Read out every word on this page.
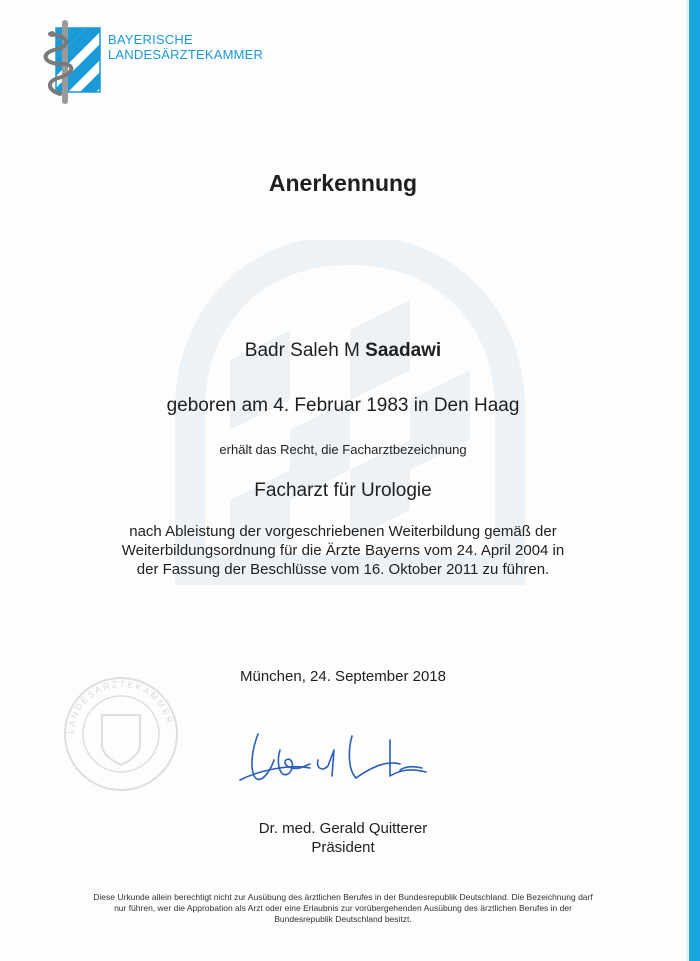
BAYERISCHE
LANDESÄRZTEKAMMER
Anerkennung
Badr Saleh M Saadawi
geboren am 4. Februar 1983 in Den Haag
erhält das Recht, die Facharztbezeichnung
Facharzt für Urologie
nach Ableistung der vorgeschriebenen Weiterbildung gemäß der
Weiterbildungsordnung für die Ärzte Bayerns vom 24. April 2004 in
der Fassung der Beschlüsse vom 16. Oktober 2011 zu führen.
München, 24. September 2018
LANDESÄRZTEKAMMER
Dr. med. Gerald Quitterer
Präsident
Diese Urkunde allein berechtigt nicht zur Ausübung des ärztlichen Berufes in der Bundesrepublik Deutschland. Die Bezeichnung darf
nur führen, wer die Approbation als Arzt oder eine Erlaubnis zur vorübergehenden Ausübung des ärztlichen Berufes in der
Bundesrepublik Deutschland besitzt.
